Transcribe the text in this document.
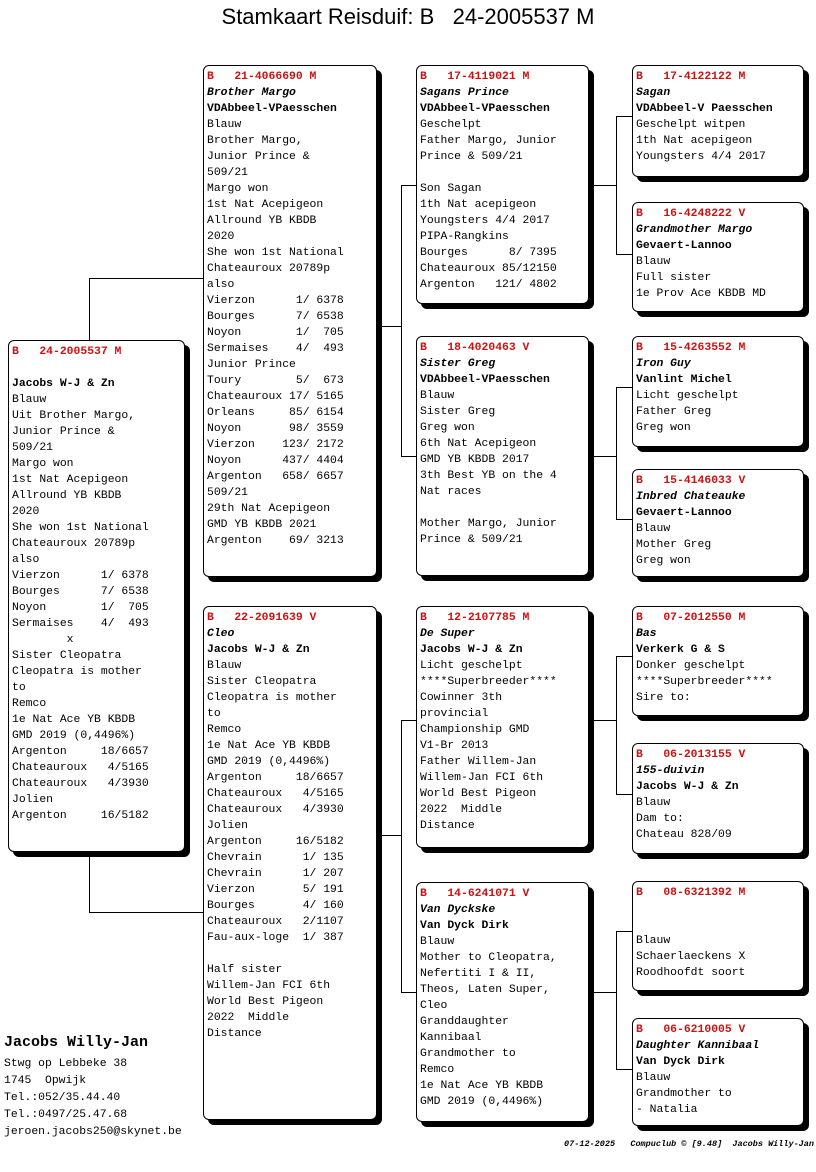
Stamkaart Reisduif: B   24-2005537 M
B   24-2005537 M
Jacobs W-J & Zn
Blauw
Uit Brother Margo,
Junior Prince &
509/21
Margo won
1st Nat Acepigeon
Allround YB KBDB
2020
She won 1st National
Chateauroux 20789p
also
Vierzon      1/ 6378
Bourges      7/ 6538
Noyon        1/  705
Sermaises    4/  493
x
Sister Cleopatra
Cleopatra is mother
to
Remco
1e Nat Ace YB KBDB
GMD 2019 (0,4496%)
Argenton     18/6657
Chateauroux   4/5165
Chateauroux   4/3930
Jolien
Argenton     16/5182
B   21-4066690 M
Brother Margo
VDAbbeel-VPaesschen
Blauw
Brother Margo,
Junior Prince &
509/21
Margo won
1st Nat Acepigeon
Allround YB KBDB
2020
She won 1st National
Chateauroux 20789p
also
Vierzon      1/ 6378
Bourges      7/ 6538
Noyon        1/  705
Sermaises    4/  493
Junior Prince
Toury        5/  673
Chateauroux 17/ 5165
Orleans     85/ 6154
Noyon       98/ 3559
Vierzon    123/ 2172
Noyon      437/ 4404
Argenton   658/ 6657
509/21
29th Nat Acepigeon
GMD YB KBDB 2021
Argenton    69/ 3213
B   22-2091639 V
Cleo
Jacobs W-J & Zn
Blauw
Sister Cleopatra
Cleopatra is mother
to
Remco
1e Nat Ace YB KBDB
GMD 2019 (0,4496%)
Argenton     18/6657
Chateauroux   4/5165
Chateauroux   4/3930
Jolien
Argenton     16/5182
Chevrain      1/ 135
Chevrain      1/ 207
Vierzon       5/ 191
Bourges       4/ 160
Chateauroux   2/1107
Fau-aux-loge  1/ 387
Half sister
Willem-Jan FCI 6th
World Best Pigeon
2022  Middle
Distance
B   17-4119021 M
Sagans Prince
VDAbbeel-VPaesschen
Geschelpt
Father Margo, Junior
Prince & 509/21
Son Sagan
1th Nat acepigeon
Youngsters 4/4 2017
PIPA-Rangkins
Bourges      8/ 7395
Chateauroux 85/12150
Argenton   121/ 4802
B   18-4020463 V
Sister Greg
VDAbbeel-VPaesschen
Blauw
Sister Greg
Greg won
6th Nat Acepigeon
GMD YB KBDB 2017
3th Best YB on the 4
Nat races
Mother Margo, Junior
Prince & 509/21
B   12-2107785 M
De Super
Jacobs W-J & Zn
Licht geschelpt
****Superbreeder****
Cowinner 3th
provincial
Championship GMD
V1-Br 2013
Father Willem-Jan
Willem-Jan FCI 6th
World Best Pigeon
2022  Middle
Distance
B   14-6241071 V
Van Dyckske
Van Dyck Dirk
Blauw
Mother to Cleopatra,
Nefertiti I & II,
Theos, Laten Super,
Cleo
Granddaughter
Kannibaal
Grandmother to
Remco
1e Nat Ace YB KBDB
GMD 2019 (0,4496%)
B   17-4122122 M
Sagan
VDAbbeel-V Paesschen
Geschelpt witpen
1th Nat acepigeon
Youngsters 4/4 2017
B   16-4248222 V
Grandmother Margo
Gevaert-Lannoo
Blauw
Full sister
1e Prov Ace KBDB MD
B   15-4263552 M
Iron Guy
Vanlint Michel
Licht geschelpt
Father Greg
Greg won
B   15-4146033 V
Inbred Chateauke
Gevaert-Lannoo
Blauw
Mother Greg
Greg won
B   07-2012550 M
Bas
Verkerk G & S
Donker geschelpt
****Superbreeder****
Sire to:
B   06-2013155 V
155-duivin
Jacobs W-J & Zn
Blauw
Dam to:
Chateau 828/09
B   08-6321392 M
Blauw
Schaerlaeckens X
Roodhoofdt soort
B   06-6210005 V
Daughter Kannibaal
Van Dyck Dirk
Blauw
Grandmother to
- Natalia
Jacobs Willy-Jan
Stwg op Lebbeke 38
1745  Opwijk
Tel.:052/35.44.40
Tel.:0497/25.47.68
jeroen.jacobs250@skynet.be
07-12-2025   Compuclub © [9.48]  Jacobs Willy-Jan
